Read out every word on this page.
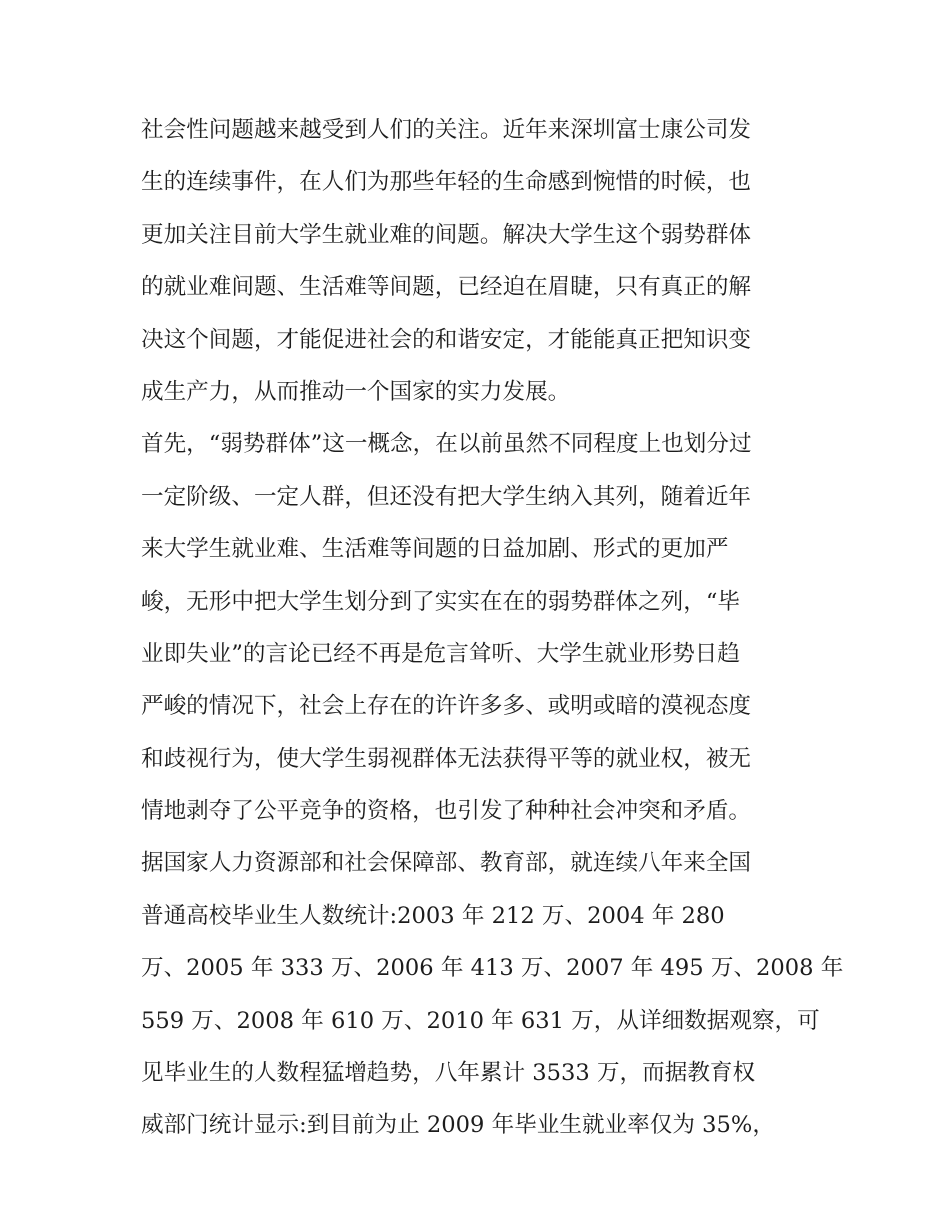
社会性问题越来越受到人们的关注。近年来深圳富士康公司发
生的连续事件，在人们为那些年轻的生命感到惋惜的时候，也
更加关注目前大学生就业难的间题。解决大学生这个弱势群体
的就业难间题、生活难等间题，已经迫在眉睫，只有真正的解
决这个间题，才能促进社会的和谐安定，才能能真正把知识变
成生产力，从而推动一个国家的实力发展。
首先，“弱势群体”这一概念，在以前虽然不同程度上也划分过
一定阶级、一定人群，但还没有把大学生纳入其列，随着近年
来大学生就业难、生活难等间题的日益加剧、形式的更加严
峻，无形中把大学生划分到了实实在在的弱势群体之列，“毕
业即失业”的言论已经不再是危言耸听、大学生就业形势日趋
严峻的情况下，社会上存在的许许多多、或明或暗的漠视态度
和歧视行为，使大学生弱视群体无法获得平等的就业权，被无
情地剥夺了公平竞争的资格，也引发了种种社会冲突和矛盾。
据国家人力资源部和社会保障部、教育部，就连续八年来全国
普通高校毕业生人数统计:2003 年 212 万、2004 年 280
万、2005 年 333 万、2006 年 413 万、2007 年 495 万、2008 年
559 万、2008 年 610 万、2010 年 631 万，从详细数据观察，可
见毕业生的人数程猛增趋势，八年累计 3533 万，而据教育权
威部门统计显示:到目前为止 2009 年毕业生就业率仅为 35%，
